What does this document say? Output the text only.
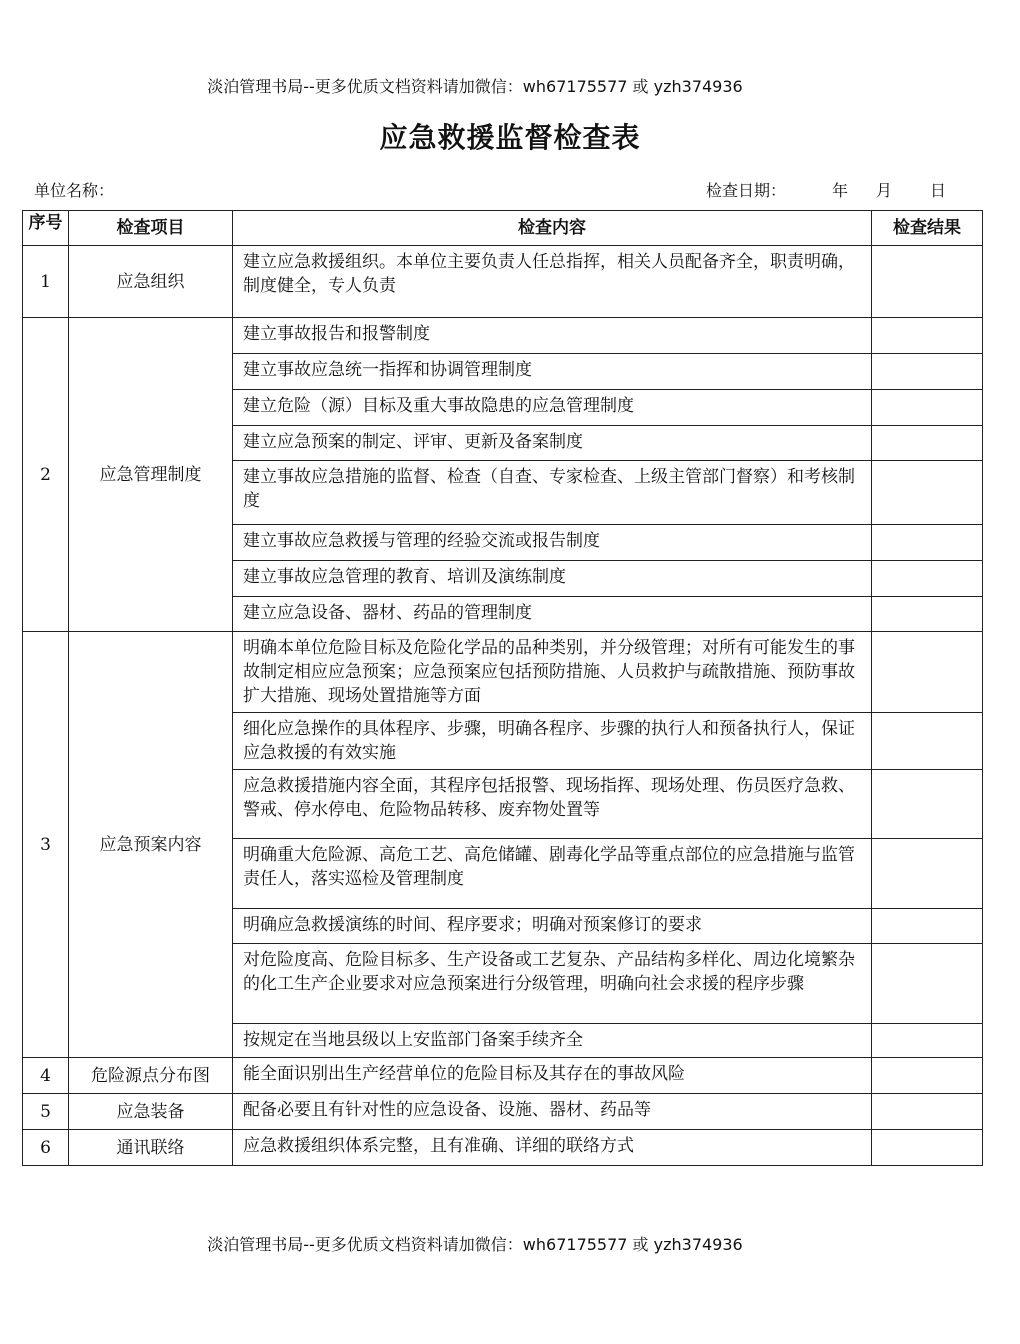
淡泊管理书局--更多优质文档资料请加微信：wh67175577 或 yzh374936
应急救援监督检查表
单位名称：	检查日期：	年 月 日
序号	检查项目	检查内容	检查结果
1	应急组织	建立应急救援组织。本单位主要负责人任总指挥，相关人员配备齐全，职责明确，制度健全，专人负责	
2	应急管理制度	建立事故报告和报警制度	
		建立事故应急统一指挥和协调管理制度	
		建立危险（源）目标及重大事故隐患的应急管理制度	
		建立应急预案的制定、评审、更新及备案制度	
		建立事故应急措施的监督、检查（自查、专家检查、上级主管部门督察）和考核制度	
		建立事故应急救援与管理的经验交流或报告制度	
		建立事故应急管理的教育、培训及演练制度	
		建立应急设备、器材、药品的管理制度	
3	应急预案内容	明确本单位危险目标及危险化学品的品种类别，并分级管理；对所有可能发生的事故制定相应应急预案；应急预案应包括预防措施、人员救护与疏散措施、预防事故扩大措施、现场处置措施等方面	
		细化应急操作的具体程序、步骤，明确各程序、步骤的执行人和预备执行人，保证应急救援的有效实施	
		应急救援措施内容全面，其程序包括报警、现场指挥、现场处理、伤员医疗急救、警戒、停水停电、危险物品转移、废弃物处置等	
		明确重大危险源、高危工艺、高危储罐、剧毒化学品等重点部位的应急措施与监管责任人，落实巡检及管理制度	
		明确应急救援演练的时间、程序要求；明确对预案修订的要求	
		对危险度高、危险目标多、生产设备或工艺复杂、产品结构多样化、周边化境繁杂的化工生产企业要求对应急预案进行分级管理，明确向社会求援的程序步骤	
		按规定在当地县级以上安监部门备案手续齐全	
4	危险源点分布图	能全面识别出生产经营单位的危险目标及其存在的事故风险	
5	应急装备	配备必要且有针对性的应急设备、设施、器材、药品等	
6	通讯联络	应急救援组织体系完整，且有准确、详细的联络方式	
淡泊管理书局--更多优质文档资料请加微信：wh67175577 或 yzh374936
